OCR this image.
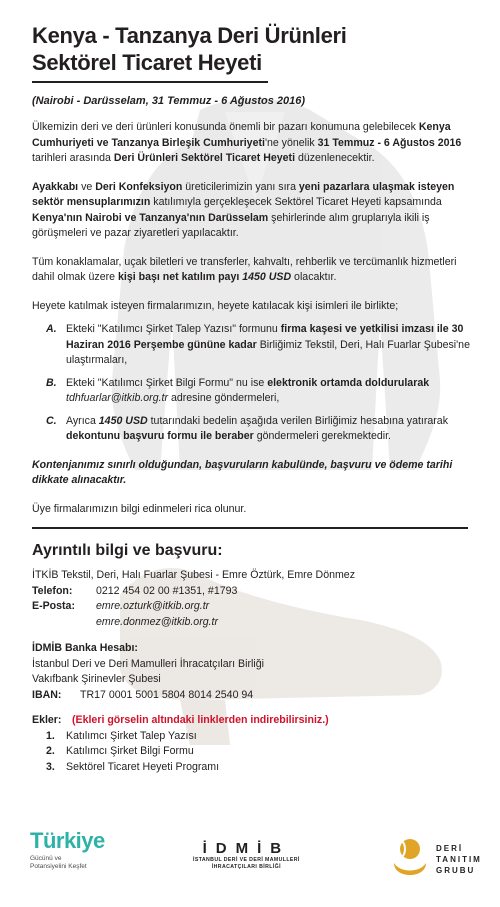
Kenya - Tanzanya Deri Ürünleri
Sektörel Ticaret Heyeti
(Nairobi - Darüsselam, 31 Temmuz - 6 Ağustos 2016)
Ülkemizin deri ve deri ürünleri konusunda önemli bir pazarı konumuna gelebilecek Kenya Cumhuriyeti ve Tanzanya Birleşik Cumhuriyeti'ne yönelik 31 Temmuz - 6 Ağustos 2016 tarihleri arasında Deri Ürünleri Sektörel Ticaret Heyeti düzenlenecektir.
Ayakkabı ve Deri Konfeksiyon üreticilerimizin yanı sıra yeni pazarlara ulaşmak isteyen sektör mensuplarımızın katılımıyla gerçekleşecek Sektörel Ticaret Heyeti kapsamında Kenya'nın Nairobi ve Tanzanya'nın Darüsselam şehirlerinde alım gruplarıyla ikili iş görüşmeleri ve pazar ziyaretleri yapılacaktır.
Tüm konaklamalar, uçak biletleri ve transferler, kahvaltı, rehberlik ve tercümanlık hizmetleri dahil olmak üzere kişi başı net katılım payı 1450 USD olacaktır.
Heyete katılmak isteyen firmalarımızın, heyete katılacak kişi isimleri ile birlikte;
A. Ekteki "Katılımcı Şirket Talep Yazısı" formunu firma kaşesi ve yetkilisi imzası ile 30 Haziran 2016 Perşembe gününe kadar Birliğimiz Tekstil, Deri, Halı Fuarlar Şubesi'ne ulaştırmaları,
B. Ekteki "Katılımcı Şirket Bilgi Formu" nu ise elektronik ortamda doldurularak tdhfuarlar@itkib.org.tr adresine göndermeleri,
C. Ayrıca 1450 USD tutarındaki bedelin aşağıda verilen Birliğimiz hesabına yatırarak dekontunu başvuru formu ile beraber göndermeleri gerekmektedir.
Kontenjanımız sınırlı olduğundan, başvuruların kabulünde, başvuru ve ödeme tarihi dikkate alınacaktır.
Üye firmalarımızın bilgi edinmeleri rica olunur.
Ayrıntılı bilgi ve başvuru:
İTKİB Tekstil, Deri, Halı Fuarlar Şubesi - Emre Öztürk, Emre Dönmez
Telefon:	0212 454 02 00 #1351, #1793
E-Posta:	emre.ozturk@itkib.org.tr
emre.donmez@itkib.org.tr
İDMİB Banka Hesabı:
İstanbul Deri ve Deri Mamulleri İhracatçıları Birliği
Vakıfbank Şirinevler Şubesi
IBAN:	TR17 0001 5001 5804 8014 2540 94
Ekler: (Ekleri görselin altındaki linklerden indirebilirsiniz.)
1.	Katılımcı Şirket Talep Yazısı
2.	Katılımcı Şirket Bilgi Formu
3.	Sektörel Ticaret Heyeti Programı
Türkiye
Gücünü ve
Potansiyelini Keşfet
İDMİB
İSTANBUL DERİ VE DERİ MAMULLERİ
İHRACATÇILARI BİRLİĞİ
DERİ
TANITIM
GRUBU
